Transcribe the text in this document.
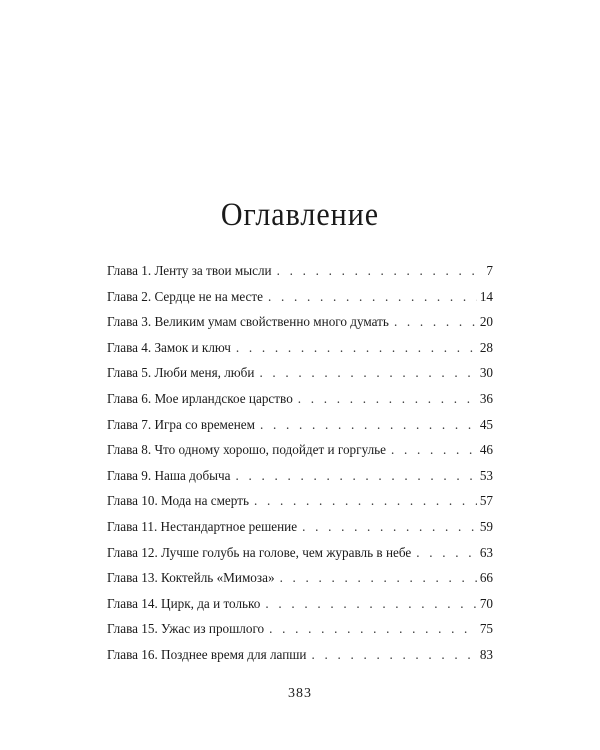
Оглавление
Глава 1. Ленту за твои мысли . . .	7
Глава 2. Сердце не на месте . . .	14
Глава 3. Великим умам свойственно много думать . . .	20
Глава 4. Замок и ключ . . .	28
Глава 5. Люби меня, люби . . .	30
Глава 6. Мое ирландское царство . . .	36
Глава 7. Игра со временем . . .	45
Глава 8. Что одному хорошо, подойдет и горгулье . . .	46
Глава 9. Наша добыча . . .	53
Глава 10. Мода на смерть . . .	57
Глава 11. Нестандартное решение . . .	59
Глава 12. Лучше голубь на голове, чем журавль в небе . . .	63
Глава 13. Коктейль «Мимоза» . . .	66
Глава 14. Цирк, да и только . . .	70
Глава 15. Ужас из прошлого . . .	75
Глава 16. Позднее время для лапши . . .	83
383
